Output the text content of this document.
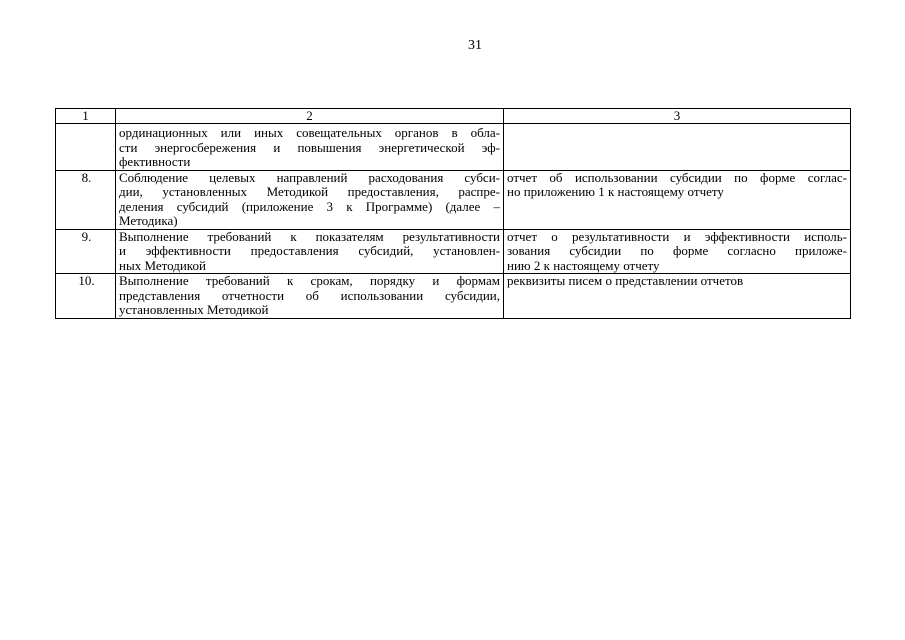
31
1	2	3

	ординационных или иных совещательных органов в обла-
сти энергосбережения и повышения энергетической эф-
фективности	

8.	Соблюдение целевых направлений расходования субси-
дии, установленных Методикой предоставления, распре-
деления субсидий (приложение 3 к Программе) (далее –
Методика)	отчет об использовании субсидии по форме соглас-
но приложению 1 к настоящему отчету

9.	Выполнение требований к показателям результативности
и эффективности предоставления субсидий, установлен-
ных Методикой	отчет о результативности и эффективности исполь-
зования субсидии по форме согласно приложе-
нию 2 к настоящему отчету

10.	Выполнение требований к срокам, порядку и формам
представления отчетности об использовании субсидии,
установленных Методикой	реквизиты писем о представлении отчетов
